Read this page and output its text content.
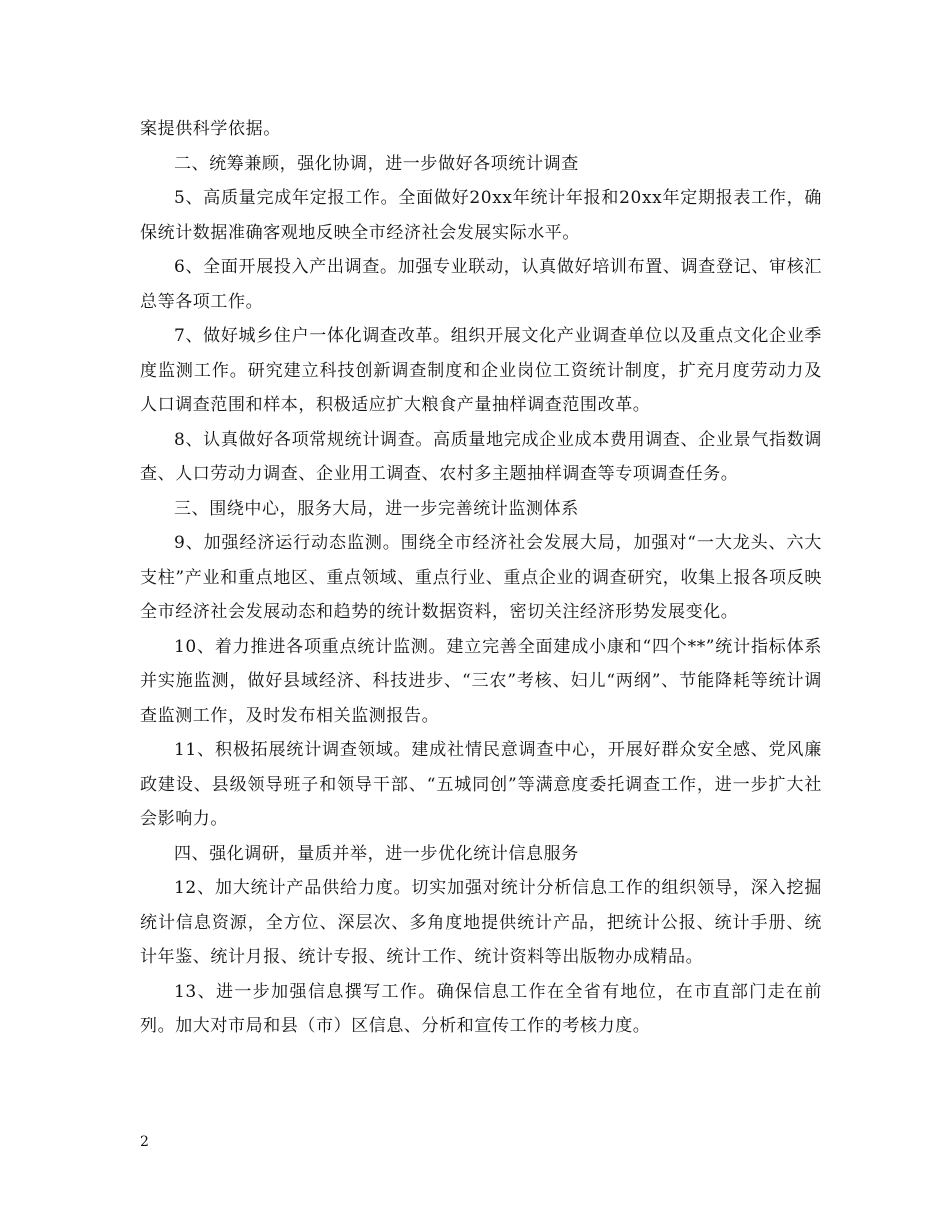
案提供科学依据。

二、统筹兼顾，强化协调，进一步做好各项统计调查

5、高质量完成年定报工作。全面做好20xx年统计年报和20xx年定期报表工作，确保统计数据准确客观地反映全市经济社会发展实际水平。

6、全面开展投入产出调查。加强专业联动，认真做好培训布置、调查登记、审核汇总等各项工作。

7、做好城乡住户一体化调查改革。组织开展文化产业调查单位以及重点文化企业季度监测工作。研究建立科技创新调查制度和企业岗位工资统计制度，扩充月度劳动力及人口调查范围和样本，积极适应扩大粮食产量抽样调查范围改革。

8、认真做好各项常规统计调查。高质量地完成企业成本费用调查、企业景气指数调查、人口劳动力调查、企业用工调查、农村多主题抽样调查等专项调查任务。

三、围绕中心，服务大局，进一步完善统计监测体系

9、加强经济运行动态监测。围绕全市经济社会发展大局，加强对“一大龙头、六大支柱”产业和重点地区、重点领域、重点行业、重点企业的调查研究，收集上报各项反映全市经济社会发展动态和趋势的统计数据资料，密切关注经济形势发展变化。

10、着力推进各项重点统计监测。建立完善全面建成小康和“四个**”统计指标体系并实施监测，做好县域经济、科技进步、“三农”考核、妇儿“两纲”、节能降耗等统计调查监测工作，及时发布相关监测报告。

11、积极拓展统计调查领域。建成社情民意调查中心，开展好群众安全感、党风廉政建设、县级领导班子和领导干部、“五城同创”等满意度委托调查工作，进一步扩大社会影响力。

四、强化调研，量质并举，进一步优化统计信息服务

12、加大统计产品供给力度。切实加强对统计分析信息工作的组织领导，深入挖掘统计信息资源，全方位、深层次、多角度地提供统计产品，把统计公报、统计手册、统计年鉴、统计月报、统计专报、统计工作、统计资料等出版物办成精品。

13、进一步加强信息撰写工作。确保信息工作在全省有地位，在市直部门走在前列。加大对市局和县（市）区信息、分析和宣传工作的考核力度。

2
